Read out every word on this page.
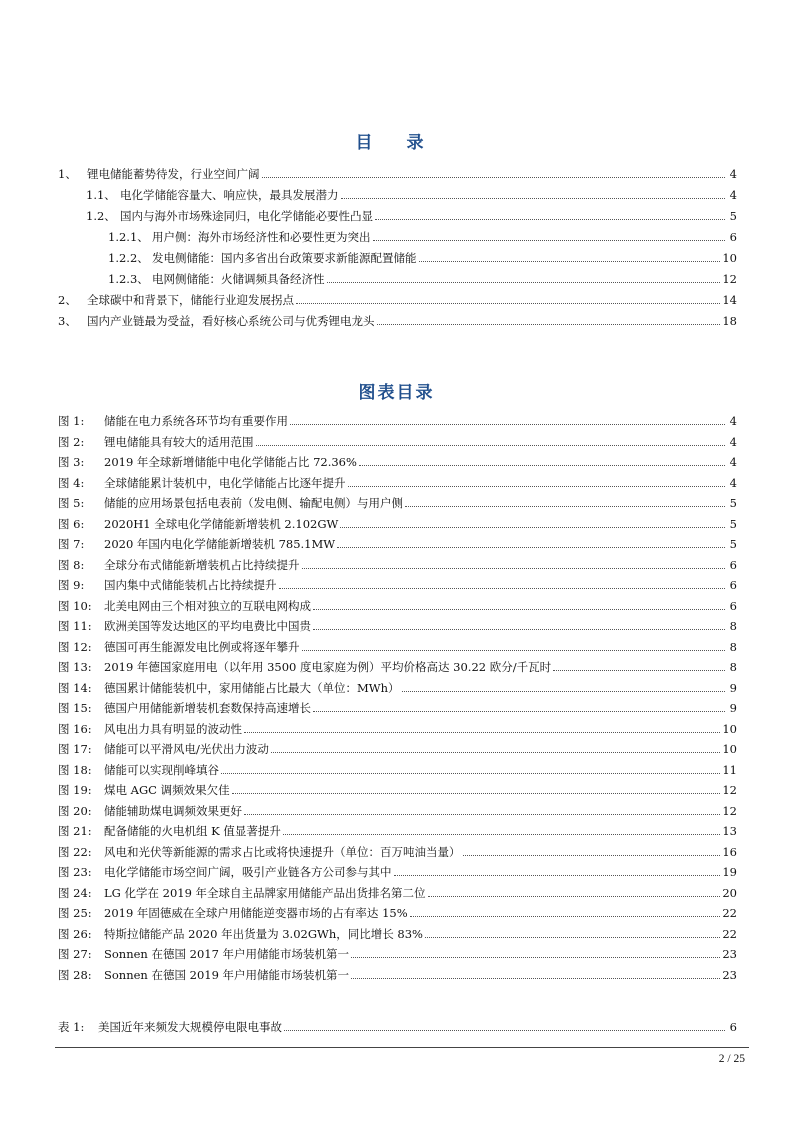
目 录
1、 锂电储能蓄势待发，行业空间广阔	4
1.1、 电化学储能容量大、响应快，最具发展潜力	4
1.2、 国内与海外市场殊途同归，电化学储能必要性凸显	5
1.2.1、 用户侧：海外市场经济性和必要性更为突出	6
1.2.2、 发电侧储能：国内多省出台政策要求新能源配置储能	10
1.2.3、 电网侧储能：火储调频具备经济性	12
2、 全球碳中和背景下，储能行业迎发展拐点	14
3、 国内产业链最为受益，看好核心系统公司与优秀锂电龙头	18
图表目录
图 1:	储能在电力系统各环节均有重要作用	4
图 2:	锂电储能具有较大的适用范围	4
图 3:	2019 年全球新增储能中电化学储能占比 72.36%	4
图 4:	全球储能累计装机中，电化学储能占比逐年提升	4
图 5:	储能的应用场景包括电表前（发电侧、输配电侧）与用户侧	5
图 6:	2020H1 全球电化学储能新增装机 2.102GW	5
图 7:	2020 年国内电化学储能新增装机 785.1MW	5
图 8:	全球分布式储能新增装机占比持续提升	6
图 9:	国内集中式储能装机占比持续提升	6
图 10:	北美电网由三个相对独立的互联电网构成	6
图 11:	欧洲美国等发达地区的平均电费比中国贵	8
图 12:	德国可再生能源发电比例或将逐年攀升	8
图 13:	2019 年德国家庭用电（以年用 3500 度电家庭为例）平均价格高达 30.22 欧分/千瓦时	8
图 14:	德国累计储能装机中，家用储能占比最大（单位：MWh）	9
图 15:	德国户用储能新增装机套数保持高速增长	9
图 16:	风电出力具有明显的波动性	10
图 17:	储能可以平滑风电/光伏出力波动	10
图 18:	储能可以实现削峰填谷	11
图 19:	煤电 AGC 调频效果欠佳	12
图 20:	储能辅助煤电调频效果更好	12
图 21:	配备储能的火电机组 K 值显著提升	13
图 22:	风电和光伏等新能源的需求占比或将快速提升（单位：百万吨油当量）	16
图 23:	电化学储能市场空间广阔，吸引产业链各方公司参与其中	19
图 24:	LG 化学在 2019 年全球自主品牌家用储能产品出货排名第二位	20
图 25:	2019 年固德威在全球户用储能逆变器市场的占有率达 15%	22
图 26:	特斯拉储能产品 2020 年出货量为 3.02GWh，同比增长 83%	22
图 27:	Sonnen 在德国 2017 年户用储能市场装机第一	23
图 28:	Sonnen 在德国 2019 年户用储能市场装机第一	23
表 1:	美国近年来频发大规模停电限电事故	6
2 / 25
